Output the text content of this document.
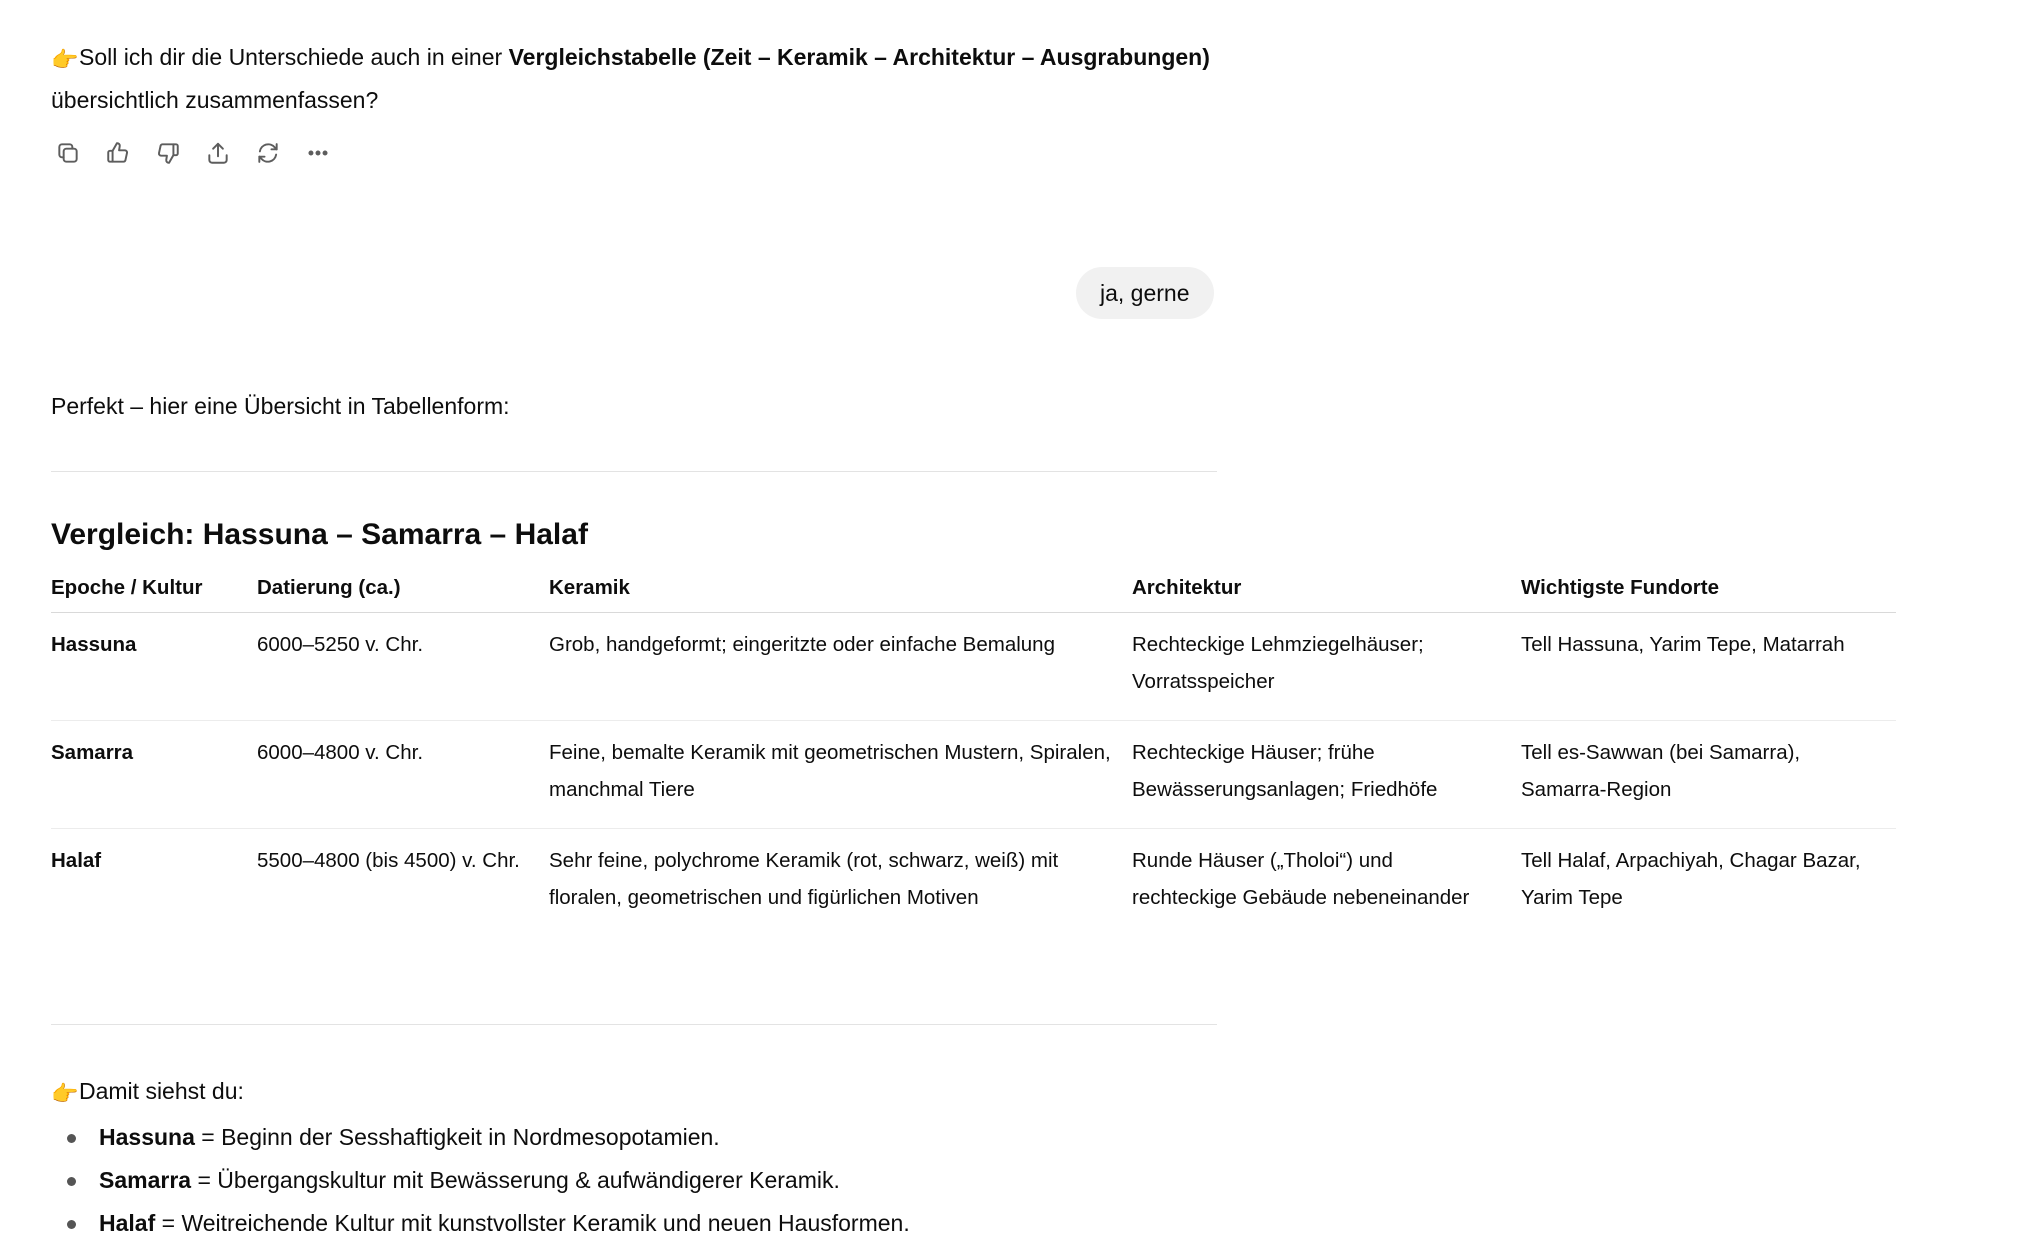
👉Soll ich dir die Unterschiede auch in einer Vergleichstabelle (Zeit – Keramik – Architektur – Ausgrabungen) übersichtlich zusammenfassen?
ja, gerne
Perfekt – hier eine Übersicht in Tabellenform:
Vergleich: Hassuna – Samarra – Halaf
Epoche / Kultur	Datierung (ca.)	Keramik	Architektur	Wichtigste Fundorte
Hassuna	6000–5250 v. Chr.	Grob, handgeformt; eingeritzte oder einfache Bemalung	Rechteckige Lehmziegelhäuser; Vorratsspeicher	Tell Hassuna, Yarim Tepe, Matarrah
Samarra	6000–4800 v. Chr.	Feine, bemalte Keramik mit geometrischen Mustern, Spiralen, manchmal Tiere	Rechteckige Häuser; frühe Bewässerungsanlagen; Friedhöfe	Tell es-Sawwan (bei Samarra), Samarra-Region
Halaf	5500–4800 (bis 4500) v. Chr.	Sehr feine, polychrome Keramik (rot, schwarz, weiß) mit floralen, geometrischen und figürlichen Motiven	Runde Häuser („Tholoi“) und rechteckige Gebäude nebeneinander	Tell Halaf, Arpachiyah, Chagar Bazar, Yarim Tepe
👉Damit siehst du:
Hassuna = Beginn der Sesshaftigkeit in Nordmesopotamien.
Samarra = Übergangskultur mit Bewässerung & aufwändigerer Keramik.
Halaf = Weitreichende Kultur mit kunstvollster Keramik und neuen Hausformen.
